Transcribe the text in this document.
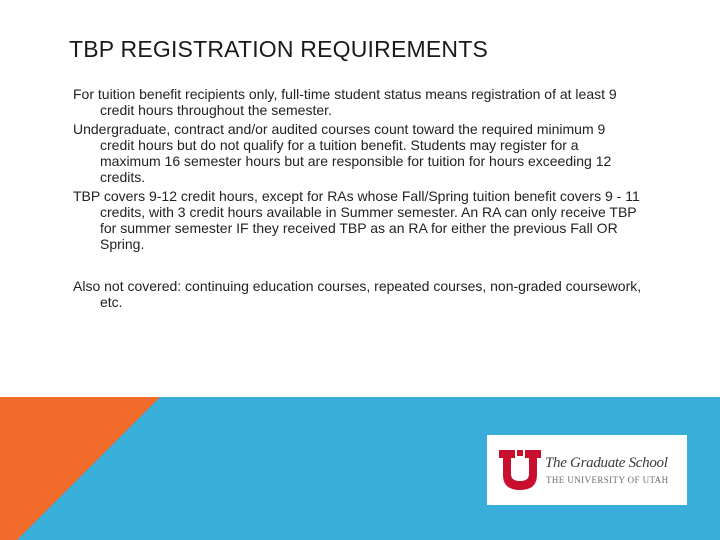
TBP REGISTRATION REQUIREMENTS

For tuition benefit recipients only, full-time student status means registration of at least 9 credit hours throughout the semester.

Undergraduate, contract and/or audited courses count toward the required minimum 9 credit hours but do not qualify for a tuition benefit. Students may register for a maximum 16 semester hours but are responsible for tuition for hours exceeding 12 credits.

TBP covers 9-12 credit hours, except for RAs whose Fall/Spring tuition benefit covers 9 - 11 credits, with 3 credit hours available in Summer semester. An RA can only receive TBP for summer semester IF they received TBP as an RA for either the previous Fall OR Spring.

Also not covered: continuing education courses, repeated courses, non-graded coursework, etc.

The Graduate School
THE UNIVERSITY OF UTAH
